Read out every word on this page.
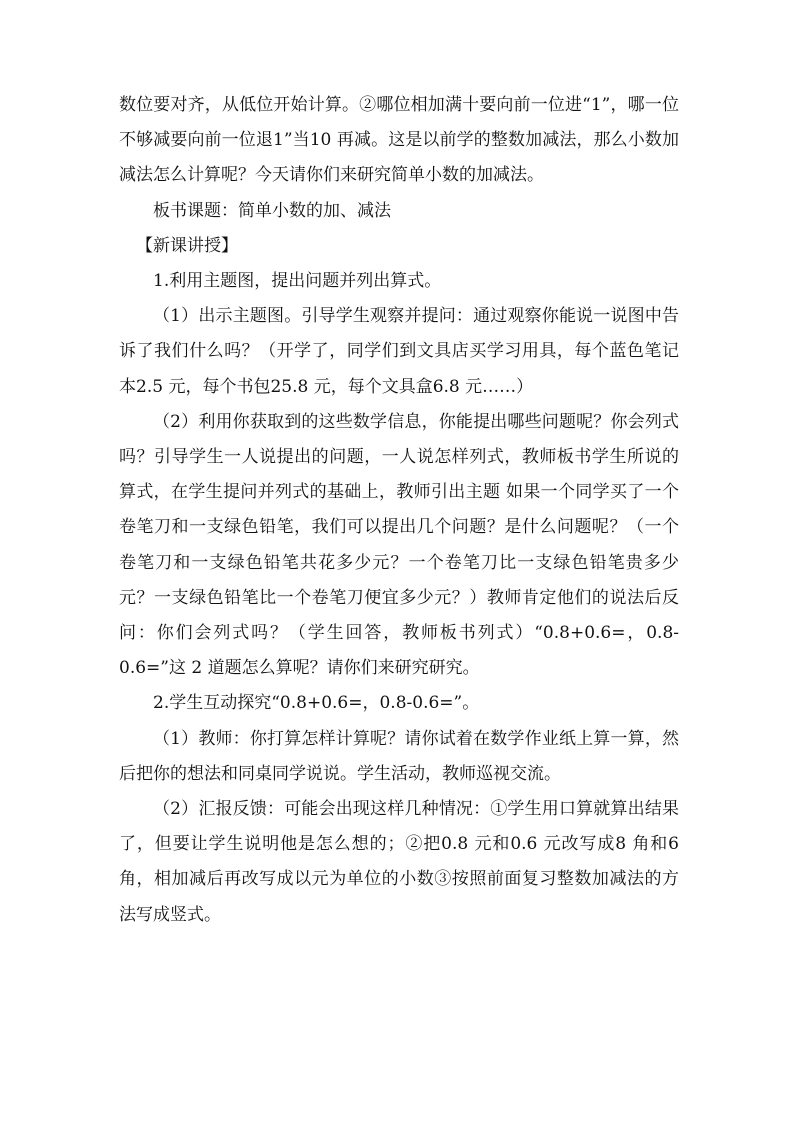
数位要对齐，从低位开始计算。②哪位相加满十要向前一位进“1”，哪一位不够减要向前一位退1”当10 再减。这是以前学的整数加减法，那么小数加减法怎么计算呢？今天请你们来研究简单小数的加减法。

板书课题：简单小数的加、减法

【新课讲授】

1.利用主题图，提出问题并列出算式。

（1）出示主题图。引导学生观察并提问：通过观察你能说一说图中告诉了我们什么吗？（开学了，同学们到文具店买学习用具，每个蓝色笔记本2.5 元，每个书包25.8 元，每个文具盒6.8 元……）

（2）利用你获取到的这些数学信息，你能提出哪些问题呢？你会列式吗？引导学生一人说提出的问题，一人说怎样列式，教师板书学生所说的算式，在学生提问并列式的基础上，教师引出主题 如果一个同学买了一个卷笔刀和一支绿色铅笔，我们可以提出几个问题？是什么问题呢？（一个卷笔刀和一支绿色铅笔共花多少元？一个卷笔刀比一支绿色铅笔贵多少元？一支绿色铅笔比一个卷笔刀便宜多少元？）教师肯定他们的说法后反问：你们会列式吗？（学生回答，教师板书列式）“0.8+0.6=，0.8-0.6=”这 2 道题怎么算呢？请你们来研究研究。

2.学生互动探究“0.8+0.6=，0.8-0.6=”。

（1）教师：你打算怎样计算呢？请你试着在数学作业纸上算一算，然后把你的想法和同桌同学说说。学生活动，教师巡视交流。

（2）汇报反馈：可能会出现这样几种情况：①学生用口算就算出结果了，但要让学生说明他是怎么想的；②把0.8 元和0.6 元改写成8 角和6 角，相加减后再改写成以元为单位的小数③按照前面复习整数加减法的方法写成竖式。
